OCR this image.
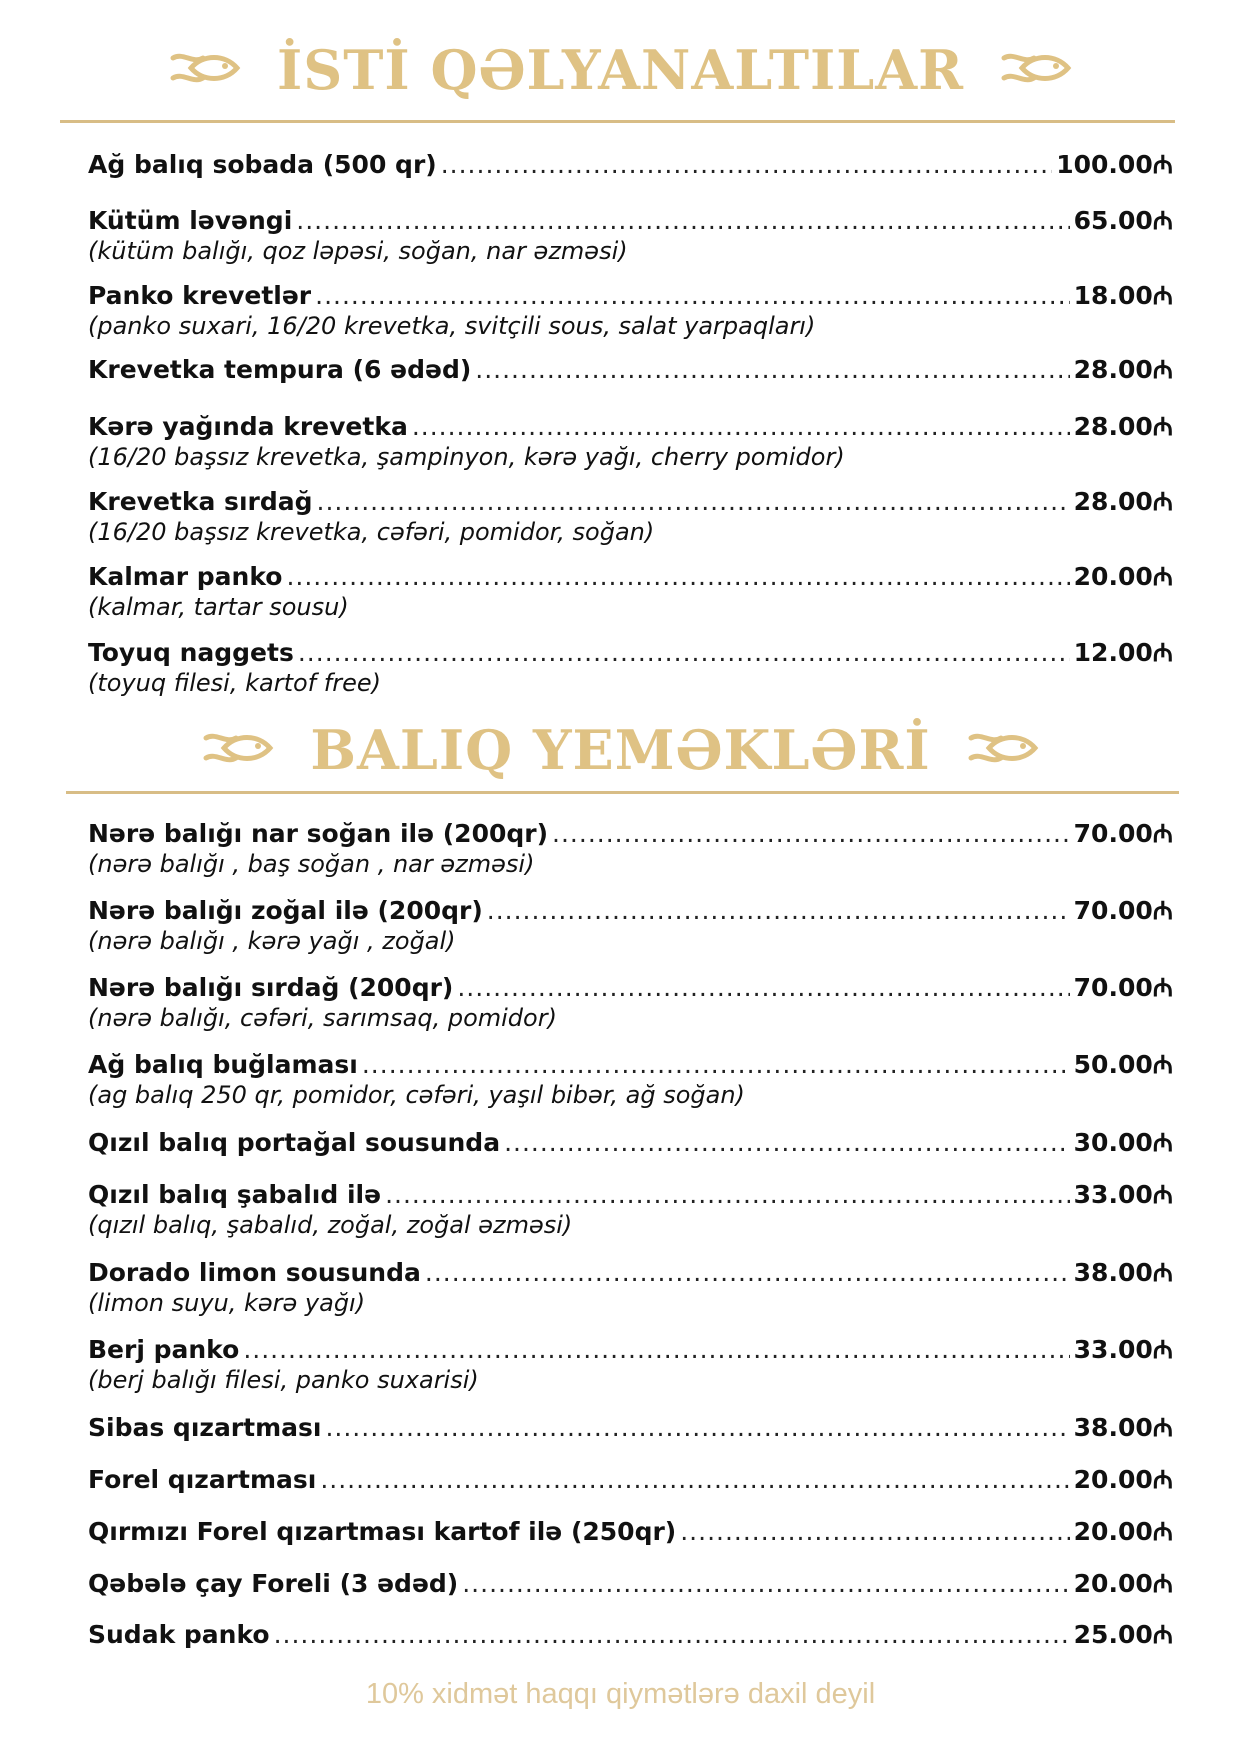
İSTİ QƏLYANALTILAR
Ağ balıq sobada (500 qr) .....	100.00 ₼
Kütüm ləvəngi .....	65.00 ₼
(kütüm balığı, qoz ləpəsi, soğan, nar əzməsi)
Panko krevetlər .....	18.00 ₼
(panko suxari, 16/20 krevetka, svitçili sous, salat yarpaqları)
Krevetka tempura (6 ədəd) .....	28.00 ₼
Kərə yağında krevetka .....	28.00 ₼
(16/20 başsız krevetka, şampinyon, kərə yağı, cherry pomidor)
Krevetka sırdağ .....	28.00 ₼
(16/20 başsız krevetka, cəfəri, pomidor, soğan)
Kalmar panko .....	20.00 ₼
(kalmar, tartar sousu)
Toyuq naggets .....	12.00 ₼
(toyuq filesi, kartof free)
BALIQ YEMƏKLƏRİ
Nərə balığı nar soğan ilə (200qr) .....	70.00 ₼
(nərə balığı , baş soğan , nar əzməsi)
Nərə balığı zoğal ilə (200qr) .....	70.00 ₼
(nərə balığı , kərə yağı , zoğal)
Nərə balığı sırdağ (200qr) .....	70.00 ₼
(nərə balığı, cəfəri, sarımsaq, pomidor)
Ağ balıq buğlaması .....	50.00 ₼
(ag balıq 250 qr, pomidor, cəfəri, yaşıl bibər, ağ soğan)
Qızıl balıq portağal sousunda .....	30.00 ₼
Qızıl balıq şabalıd ilə .....	33.00 ₼
(qızıl balıq, şabalıd, zoğal, zoğal əzməsi)
Dorado limon sousunda .....	38.00 ₼
(limon suyu, kərə yağı)
Berj panko .....	33.00 ₼
(berj balığı filesi, panko suxarisi)
Sibas qızartması .....	38.00 ₼
Forel qızartması .....	20.00 ₼
Qırmızı Forel qızartması kartof ilə (250qr) .....	20.00 ₼
Qəbələ çay Foreli (3 ədəd) .....	20.00 ₼
Sudak panko .....	25.00 ₼
10% xidmət haqqı qiymətlərə daxil deyil
